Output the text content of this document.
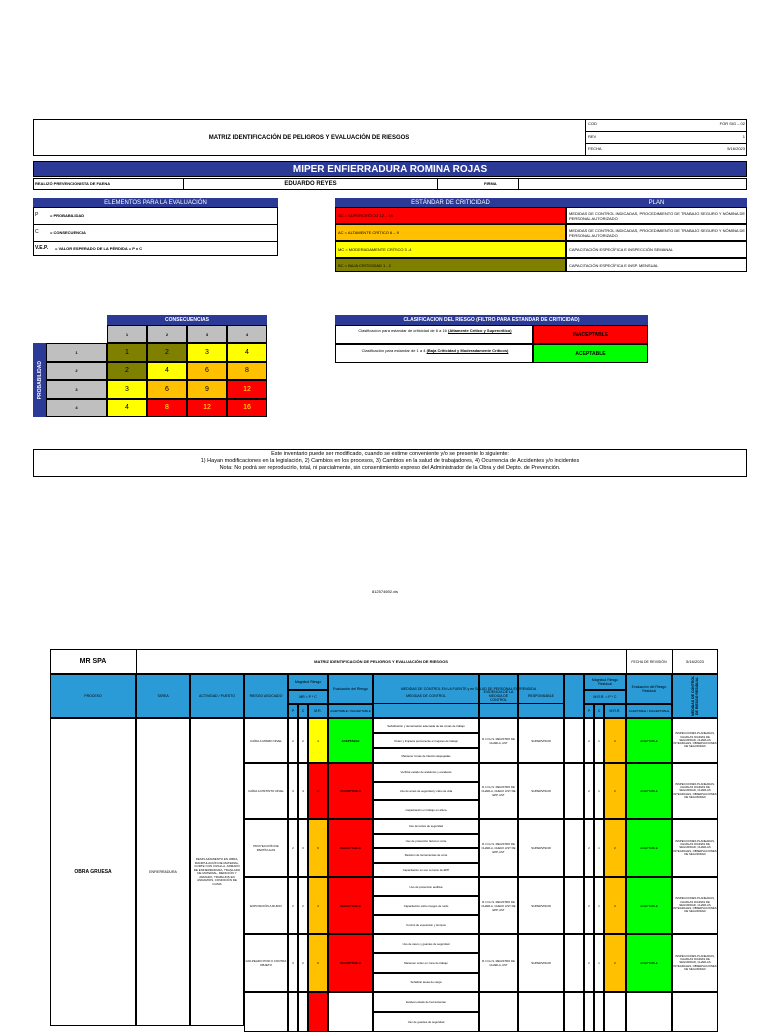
MATRIZ IDENTIFICACIÓN DE PELIGROS Y EVALUACIÓN DE RIESGOS
COD	FOR SIG – 02
REV	1
FECHA	5/16/2023
MIPER ENFIERRADURA ROMINA ROJAS
REALIZÓ PREVENCIONISTA DE FAENA	EDUARDO REYES	FIRMA
ELEMENTOS PARA LA EVALUACIÓN
P	= PROBABILIDAD
C	= CONSECUENCIA
V.E.P. = VALOR ESPERADO DE LA PÉRDIDA = P x C
ESTÁNDAR DE CRITICIDAD	PLAN
SC = SUPERCRÍTICO 12 – 16	MEDIDAS DE CONTROL INDICADAS, PROCEDIMIENTO DE TRABAJO SEGURO Y NÓMINA DE PERSONAL AUTORIZADO
AC = ALTAMENTE CRÍTICO 6 – 9	MEDIDAS DE CONTROL INDICADAS, PROCEDIMIENTO DE TRABAJO SEGURO Y NÓMINA DE PERSONAL AUTORIZADO
MC = MODERADAMENTE CRÍTICO 3 -4	CAPACITACIÓN ESPECÍFICA E INSPECCIÓN SEMANAL
BC = BAJA CRITICIDAD 1 - 2	CAPACITACIÓN ESPECÍFICA E INSP. MENSUAL
CONSECUENCIAS
PROBABILIDAD
1	2	3	4
1	1	2	3	4
2	2	4	6	8
3	3	6	9	12
4	4	8	12	16
CLASIFICACION DEL RIESGO (FILTRO PARA ESTANDAR DE CRITICIDAD)
Clasificacion para estandar de criticidad de 6 a 16 (Altamente Crítico y Supercrítico)
INACEPTABLE
Clasificación para estandar de 1 a 4 (Baja Criticidad y Moderadamente Críticos)	ACEPTABLE
Este inventario puede ser modificado, cuando se estime conveniente y/o se presente lo siguiente:
1) Hayan modificaciones en la legislación, 2) Cambios en los procesos, 3) Cambios en la salud de trabajadores, 4) Ocurrencia de Accidentes y/o incidentes
Nota: No podrá ser reproducirlo, total, ni parcialmente, sin consentimiento expreso del Administrador de la Obra y del Depto. de Prevención.
812574692.xls
MR SPA	MATRIZ IDENTIFICACIÓN DE PELIGROS Y EVALUACIÓN DE RIESGOS	FECHA DE REVISIÓN	5/16/2023
PROCESO	TAREA	ACTIVIDAD / PUESTO	RIESGO ASOCIADO	MEDIDAS DE CONTROL
EVIDENCIA DE LA MEDIDA DE CONTROL
RESPONSABLE
Magnitud Riesgo
MR = P * C
P	C	M.R.
Evaluación del Riesgo
ACEPTABLE / INACEPTABLE
MEDIDAS DE CONTROL EN LA FUENTE y en SALUD DE PERSONAL ESTRENDIDA
Magnitud Riesgo Residual
M.R.R. = P * C
P	C	M.R.R.
Evaluación del Riesgo Residual
ACEPTABLE / INACEPTABLE	MEDIDAS DE CONTROL DE RIESGO RESIDUAL
OBRA GRUESA	ENFIERRADURA
DESPLAZAMIENTO EN OBRA, MANIPULACIÓN DE MATERIAL, CORTE CON CIZALLA, ARMADO DE ENFIERRADURA, TRASLADO DE MATERIAL, MEDICIÓN Y ARMADO, TRABAJOS EN ANDAMIOS, CONDICIÓN DE CLIMA
CAÍDA A MISMO NIVEL	2	2	4	ACEPTABLE
Señalización y demarcación adecuada de las zonas de trabajo
Orden y limpieza permanente en lugares de trabajo
Mantener zonas de tránsito despejadas
R.I.O.H.S. REGISTRO DE CHARLA, AST	SUPERVISOR	2	1	2	ACEPTABLE
INSPECCIONES PLANEADAS, CHARLAS DIARIAS DE SEGURIDAD, CHARLAS INTEGRALES, OBSERVACIONES DE SEGURIDAD
CAÍDA A DISTINTO NIVEL	3	4	12	INACEPTABLE
Verificar estado de andamios y escaleras
Uso de arnés de seguridad y cabo de vida
Capacitación en trabajo en altura
R.I.O.H.S. REGISTRO DE CHARLA, CHECK LIST DE EPP, AST
SUPERVISOR	2	1	2	ACEPTABLE
INSPECCIONES PLANEADAS, CHARLAS DIARIAS DE SEGURIDAD, CHARLAS INTEGRALES, OBSERVACIONES DE SEGURIDAD
PROYECCIÓN DE PARTÍCULAS	2	3	6	INACEPTABLE
Uso de lentes de seguridad
Uso de protección facial en corte
Revisión de herramientas de corte
Capacitación en uso correcto de EPP
R.I.O.H.S. REGISTRO DE CHARLA, CHECK LIST DE EPP, AST
SUPERVISOR	2	1	2	ACEPTABLE
INSPECCIONES PLANEADAS, CHARLAS DIARIAS DE SEGURIDAD, CHARLAS INTEGRALES, OBSERVACIONES DE SEGURIDAD
EXPOSICIÓN A RUIDO	2	2	4	INACEPTABLE
Uso de protección auditiva
Capacitación sobre riesgos de ruido
Control de exposición y tiempos
R.I.O.H.S. REGISTRO DE CHARLA, CHECK LIST DE EPP, AST
SUPERVISOR	2	1	2	ACEPTABLE
INSPECCIONES PLANEADAS, CHARLAS DIARIAS DE SEGURIDAD, CHARLAS INTEGRALES, OBSERVACIONES DE SEGURIDAD
GOLPEADO POR O CONTRA OBJETO	3	2	6	INACEPTABLE
Uso de casco y guantes de seguridad
Mantener orden en zona de trabajo
Señalizar áreas de carga
R.I.O.H.S. REGISTRO DE CHARLA, AST	SUPERVISOR	2	1	2	ACEPTABLE
INSPECCIONES PLANEADAS, CHARLAS DIARIAS DE SEGURIDAD, CHARLAS INTEGRALES, OBSERVACIONES DE SEGURIDAD
Evaluar estado de herramientas
Uso de guantes de seguridad
